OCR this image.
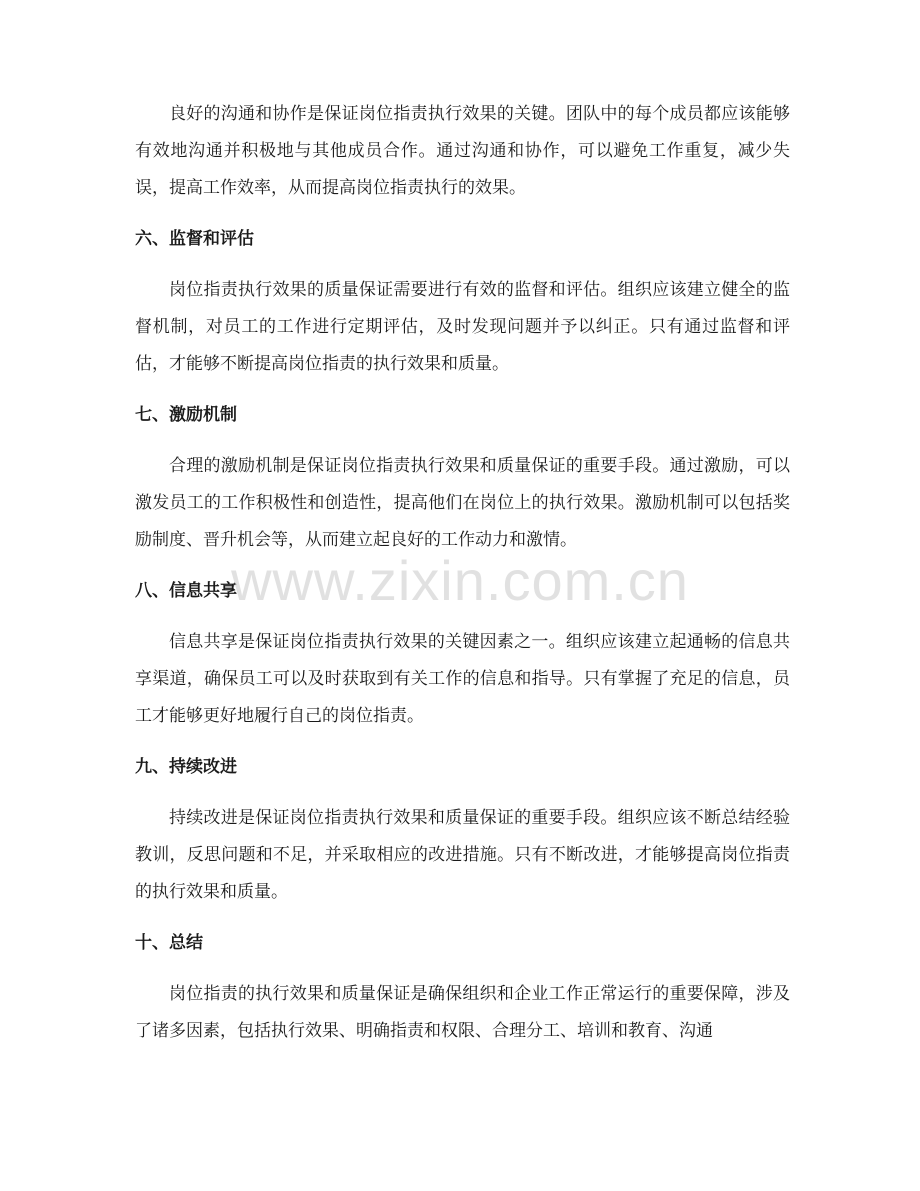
良好的沟通和协作是保证岗位指责执行效果的关键。团队中的每个成员都应该能够有效地沟通并积极地与其他成员合作。通过沟通和协作，可以避免工作重复，减少失误，提高工作效率，从而提高岗位指责执行的效果。

六、监督和评估

岗位指责执行效果的质量保证需要进行有效的监督和评估。组织应该建立健全的监督机制，对员工的工作进行定期评估，及时发现问题并予以纠正。只有通过监督和评估，才能够不断提高岗位指责的执行效果和质量。

七、激励机制

合理的激励机制是保证岗位指责执行效果和质量保证的重要手段。通过激励，可以激发员工的工作积极性和创造性，提高他们在岗位上的执行效果。激励机制可以包括奖励制度、晋升机会等，从而建立起良好的工作动力和激情。

八、信息共享

信息共享是保证岗位指责执行效果的关键因素之一。组织应该建立起通畅的信息共享渠道，确保员工可以及时获取到有关工作的信息和指导。只有掌握了充足的信息，员工才能够更好地履行自己的岗位指责。

九、持续改进

持续改进是保证岗位指责执行效果和质量保证的重要手段。组织应该不断总结经验教训，反思问题和不足，并采取相应的改进措施。只有不断改进，才能够提高岗位指责的执行效果和质量。

十、总结

岗位指责的执行效果和质量保证是确保组织和企业工作正常运行的重要保障，涉及了诸多因素，包括执行效果、明确指责和权限、合理分工、培训和教育、沟通

www.zixin.com.cn
